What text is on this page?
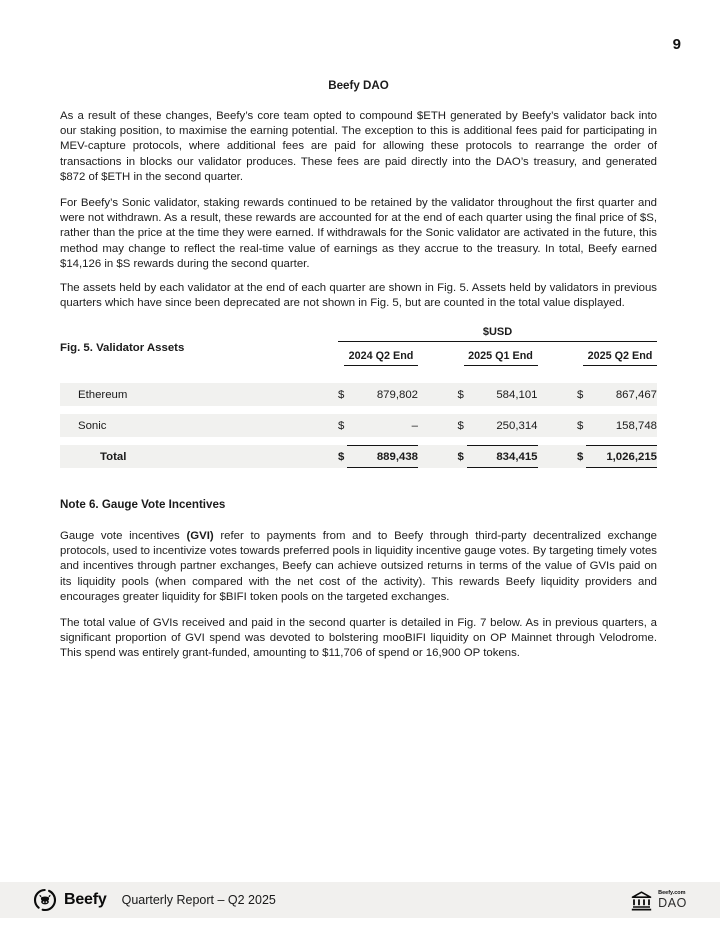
9
Beefy DAO

As a result of these changes, Beefy’s core team opted to compound $ETH generated by Beefy’s validator back into our staking position, to maximise the earning potential. The exception to this is additional fees paid for participating in MEV-capture protocols, where additional fees are paid for allowing these protocols to rearrange the order of transactions in blocks our validator produces. These fees are paid directly into the DAO’s treasury, and generated $872 of $ETH in the second quarter.

For Beefy’s Sonic validator, staking rewards continued to be retained by the validator throughout the first quarter and were not withdrawn. As a result, these rewards are accounted for at the end of each quarter using the final price of $S, rather than the price at the time they were earned. If withdrawals for the Sonic validator are activated in the future, this method may change to reflect the real-time value of earnings as they accrue to the treasury. In total, Beefy earned $14,126 in $S rewards during the second quarter.

The assets held by each validator at the end of each quarter are shown in Fig. 5. Assets held by validators in previous quarters which have since been deprecated are not shown in Fig. 5, but are counted in the total value displayed.

Fig. 5. Validator Assets
$USD
2024 Q2 End	2025 Q1 End	2025 Q2 End
Ethereum	$	879,802	$	584,101	$	867,467
Sonic	$	–	$	250,314	$	158,748
Total	$	889,438	$	834,415	$	1,026,215
Note 6. Gauge Vote Incentives

Gauge vote incentives (GVI) refer to payments from and to Beefy through third-party decentralized exchange protocols, used to incentivize votes towards preferred pools in liquidity incentive gauge votes. By targeting timely votes and incentives through partner exchanges, Beefy can achieve outsized returns in terms of the value of GVIs paid on its liquidity pools (when compared with the net cost of the activity). This rewards Beefy liquidity providers and encourages greater liquidity for $BIFI token pools on the targeted exchanges.

The total value of GVIs received and paid in the second quarter is detailed in Fig. 7 below. As in previous quarters, a significant proportion of GVI spend was devoted to bolstering mooBIFI liquidity on OP Mainnet through Velodrome. This spend was entirely grant-funded, amounting to $11,706 of spend or 16,900 OP tokens.

Beefy Quarterly Report – Q2 2025
Beefy.com
DAO
